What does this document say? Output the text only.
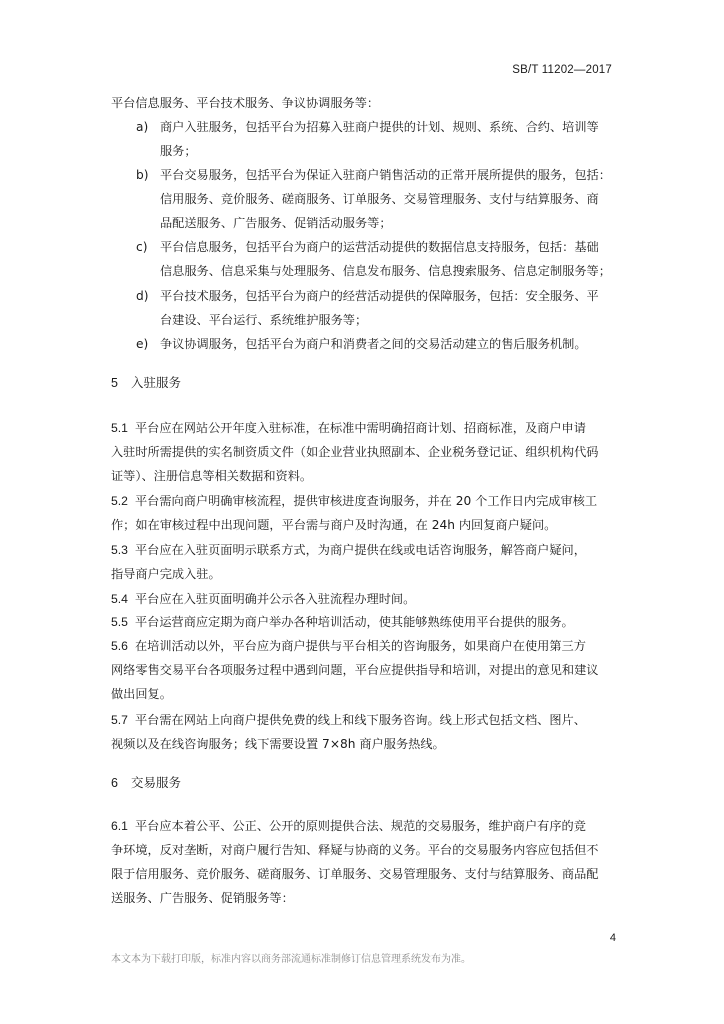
SB/T 11202—2017
平台信息服务、平台技术服务、争议协调服务等：
a) 商户入驻服务，包括平台为招募入驻商户提供的计划、规则、系统、合约、培训等
服务；
b) 平台交易服务，包括平台为保证入驻商户销售活动的正常开展所提供的服务，包括：
信用服务、竞价服务、磋商服务、订单服务、交易管理服务、支付与结算服务、商
品配送服务、广告服务、促销活动服务等；
c) 平台信息服务，包括平台为商户的运营活动提供的数据信息支持服务，包括：基础
信息服务、信息采集与处理服务、信息发布服务、信息搜索服务、信息定制服务等；
d) 平台技术服务，包括平台为商户的经营活动提供的保障服务，包括：安全服务、平
台建设、平台运行、系统维护服务等；
e) 争议协调服务，包括平台为商户和消费者之间的交易活动建立的售后服务机制。
5 入驻服务
5.1 平台应在网站公开年度入驻标准，在标准中需明确招商计划、招商标准，及商户申请
入驻时所需提供的实名制资质文件（如企业营业执照副本、企业税务登记证、组织机构代码
证等）、注册信息等相关数据和资料。
5.2 平台需向商户明确审核流程，提供审核进度查询服务，并在 20 个工作日内完成审核工
作；如在审核过程中出现问题，平台需与商户及时沟通，在 24h 内回复商户疑问。
5.3 平台应在入驻页面明示联系方式，为商户提供在线或电话咨询服务，解答商户疑问，
指导商户完成入驻。
5.4 平台应在入驻页面明确并公示各入驻流程办理时间。
5.5 平台运营商应定期为商户举办各种培训活动，使其能够熟练使用平台提供的服务。
5.6 在培训活动以外，平台应为商户提供与平台相关的咨询服务，如果商户在使用第三方
网络零售交易平台各项服务过程中遇到问题，平台应提供指导和培训，对提出的意见和建议
做出回复。
5.7 平台需在网站上向商户提供免费的线上和线下服务咨询。线上形式包括文档、图片、
视频以及在线咨询服务；线下需要设置 7×8h 商户服务热线。
6 交易服务
6.1 平台应本着公平、公正、公开的原则提供合法、规范的交易服务，维护商户有序的竞
争环境，反对垄断，对商户履行告知、释疑与协商的义务。平台的交易服务内容应包括但不
限于信用服务、竞价服务、磋商服务、订单服务、交易管理服务、支付与结算服务、商品配
送服务、广告服务、促销服务等：
4
本文本为下载打印版，标准内容以商务部流通标准制修订信息管理系统发布为准。
